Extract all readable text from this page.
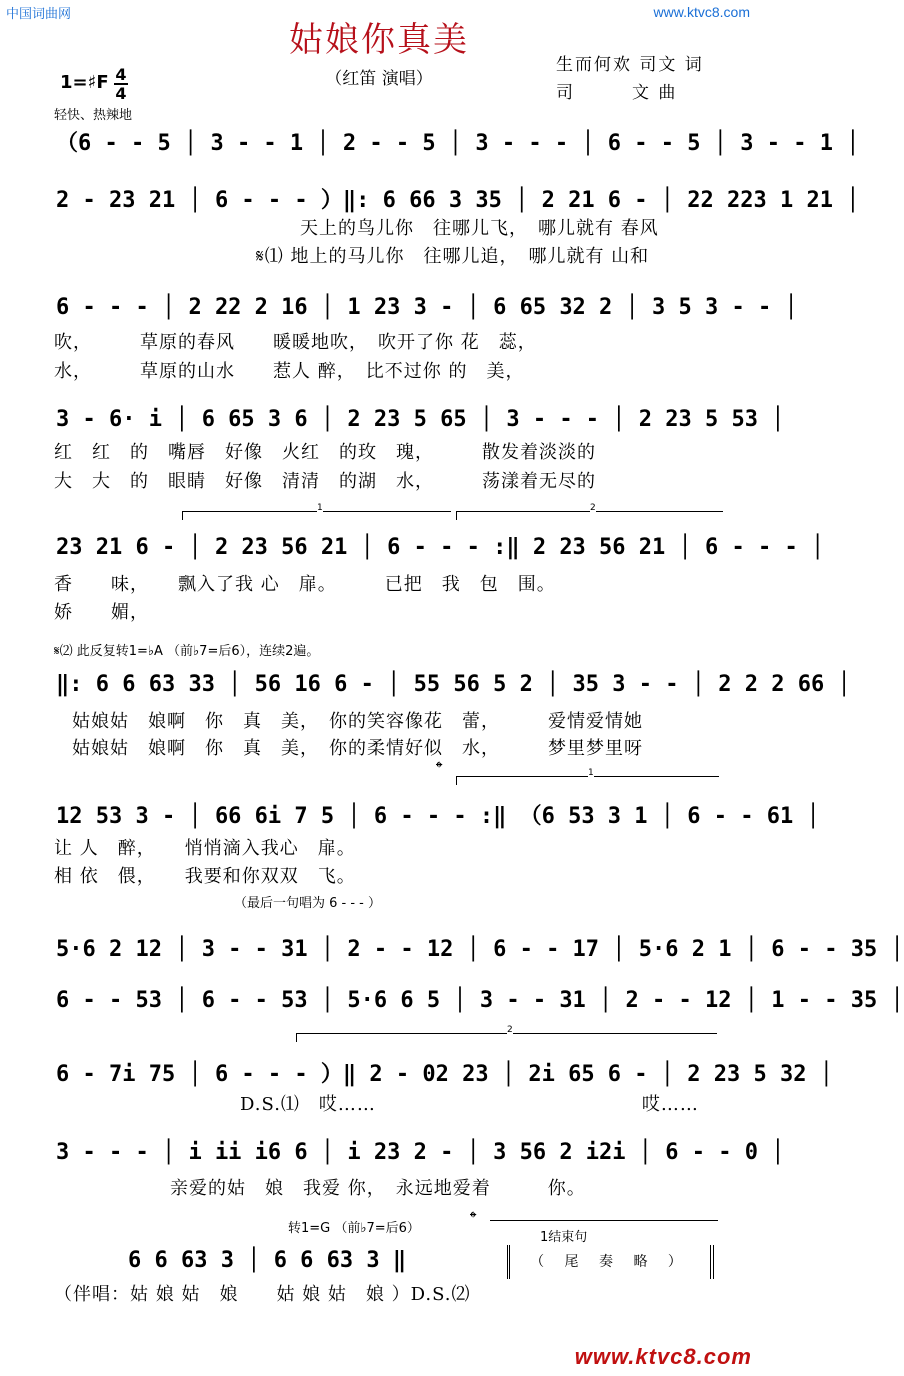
中国词曲网	www.ktvc8.com
姑娘你真美
（红笛 演唱）
生而何欢 司文 词
司　　　文 曲
1=♯F 4
4
轻快、热辣地
（6 - - 5 │ 3 - - 1 │ 2 - - 5 │ 3 - - - │ 6 - - 5 │ 3 - - 1 │
2 - 23 21 │ 6 - - - ）‖: 6 66 3 35 │ 2 21 6 - │ 22 223 1 21 │
天上的鸟儿你　往哪儿飞，　哪儿就有 春风
𝄋⑴ 地上的马儿你　往哪儿追，　哪儿就有 山和
6 - - - │ 2 22 2 16 │ 1 23 3 - │ 6 65 32 2 │ 3 5 3 - - │
吹，　　　草原的春风　　暖暖地吹，　吹开了你 花　蕊，
水，　　　草原的山水　　惹人 醉，　比不过你 的　美，
3 - 6· i │ 6 65 3 6 │ 2 23 5 65 │ 3 - - - │ 2 23 5 53 │
红　红　的　嘴唇　好像　火红　的玫　瑰，　　　散发着淡淡的
大　大　的　眼睛　好像　清清　的湖　水，　　　荡漾着无尽的
1	2
23 21 6 - │ 2 23 56 21 │ 6 - - - :‖ 2 23 56 21 │ 6 - - - │
香　　味，　　飘入了我 心　扉。　　　已把　我　包　围。
娇　　媚，
𝄋⑵ 此反复转1=♭A （前♭7=后6），连续2遍。
‖: 6 6 63 33 │ 56 16 6 - │ 55 56 5 2 │ 35 3 - - │ 2 2 2 66 │
姑娘姑　娘啊　你　真　美，　你的笑容像花　蕾，　　　爱情爱情她
姑娘姑　娘啊　你　真　美，　你的柔情好似　水，　　　梦里梦里呀
𝄌	1
12 53 3 - │ 66 6i 7 5 │ 6 - - - :‖ （6 53 3 1 │ 6 - - 61 │
让 人　醉，　　悄悄滴入我心　扉。
相 依　偎，　　我要和你双双　飞。
（最后一句唱为 6 - - - ）
5·6 2 12 │ 3 - - 31 │ 2 - - 12 │ 6 - - 17 │ 5·6 2 1 │ 6 - - 35 │
6 - - 53 │ 6 - - 53 │ 5·6 6 5 │ 3 - - 31 │ 2 - - 12 │ 1 - - 35 │
2
6 - 7i 75 │ 6 - - - ）‖ 2 - 02 23 │ 2i 65 6 - │ 2 23 5 32 │
D.S.⑴　哎……　　　　　　　　　　　　　　哎……
3 - - - │ i ii i6 6 │ i 23 2 - │ 3 56 2 i2i │ 6 - - 0 │
亲爱的姑　娘　我爱 你，　永远地爱着　　　你。
转1=G （前♭7=后6）	𝄌
1结束句
6 6 63 3 │ 6 6 63 3 ‖	（ 尾 奏 略 ）
（伴唱：姑 娘 姑　娘　　姑 娘 姑　娘 ）D.S.⑵
www.ktvc8.com
